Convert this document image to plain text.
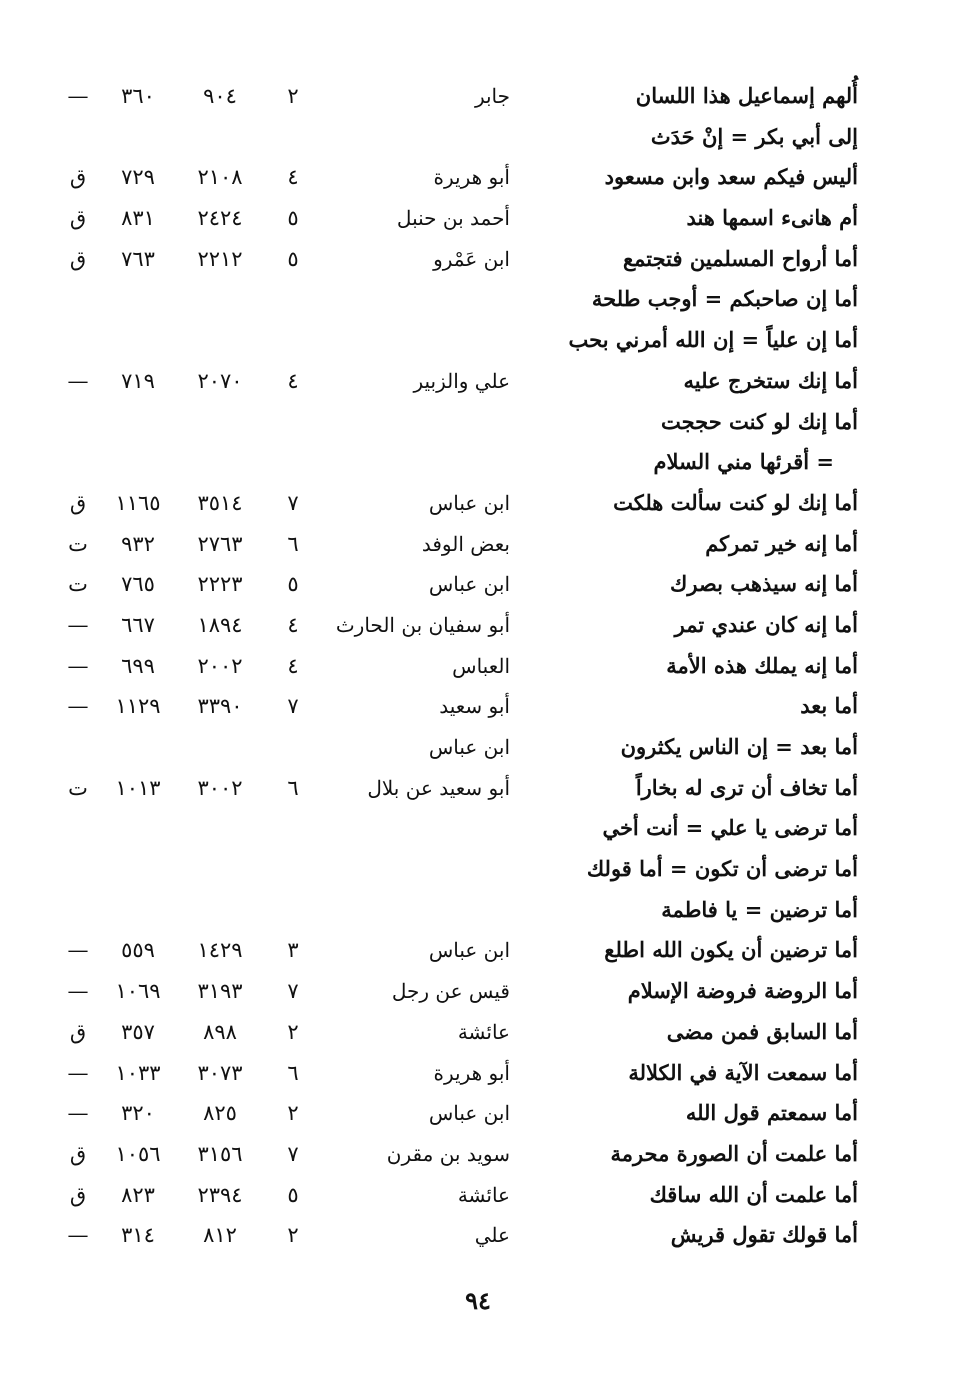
أُلهم إسماعيل هذا اللسان
جابر
٢
٩٠٤
٣٦٠
—
إلى أبي بكر = إنْ حَدَث
أليس فيكم سعد وابن مسعود
أبو هريرة
٤
٢١٠٨
٧٢٩
ق
أم هانىء اسمها هند
أحمد بن حنبل
٥
٢٤٢٤
٨٣١
ق
أما أرواح المسلمين فتجتمع
ابن عَمْرو
٥
٢٢١٢
٧٦٣
ق
أما إن صاحبكم = أوجب طلحة
أما إن علياً = إن الله أمرني بحب
أما إنك ستخرج عليه
علي والزبير
٤
٢٠٧٠
٧١٩
—
أما إنك لو كنت حججت
= أقرئها مني السلام
أما إنك لو كنت سألت هلكت
ابن عباس
٧
٣٥١٤
١١٦٥
ق
أما إنه خير تمركم
بعض الوفد
٦
٢٧٦٣
٩٣٢
ت
أما إنه سيذهب بصرك
ابن عباس
٥
٢٢٢٣
٧٦٥
ت
أما إنه كان عندي تمر
أبو سفيان بن الحارث
٤
١٨٩٤
٦٦٧
—
أما إنه يملك هذه الأمة
العباس
٤
٢٠٠٢
٦٩٩
—
أما بعد
أبو سعيد
٧
٣٣٩٠
١١٢٩
—
أما بعد = إن الناس يكثرون
ابن عباس
أما تخاف أن ترى له بخاراً
أبو سعيد عن بلال
٦
٣٠٠٢
١٠١٣
ت
أما ترضى يا علي = أنت أخي
أما ترضى أن تكون = أما قولك
أما ترضين = يا فاطمة
أما ترضين أن يكون الله اطلع
ابن عباس
٣
١٤٢٩
٥٥٩
—
أما الروضة فروضة الإسلام
قيس عن رجل
٧
٣١٩٣
١٠٦٩
—
أما السابق فمن مضى
عائشة
٢
٨٩٨
٣٥٧
ق
أما سمعت الآية في الكلالة
أبو هريرة
٦
٣٠٧٣
١٠٣٣
—
أما سمعتم قول الله
ابن عباس
٢
٨٢٥
٣٢٠
—
أما علمت أن الصورة محرمة
سويد بن مقرن
٧
٣١٥٦
١٠٥٦
ق
أما علمت أن الله ساقك
عائشة
٥
٢٣٩٤
٨٢٣
ق
أما قولك تقول قريش
علي
٢
٨١٢
٣١٤
—
٩٤
